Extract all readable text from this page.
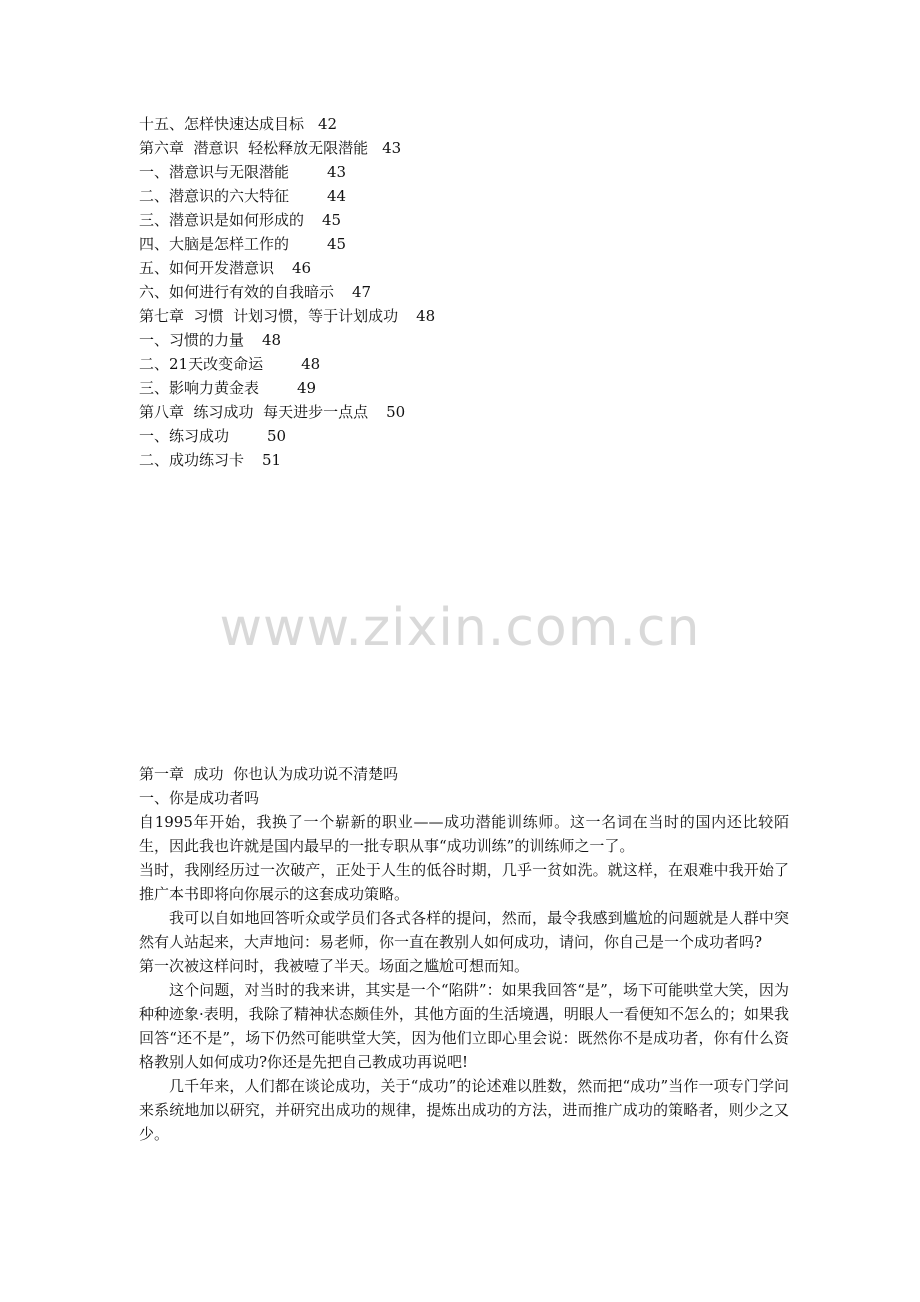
十五、怎样快速达成目标 42
第六章  潜意识  轻松释放无限潜能 43
一、潜意识与无限潜能	43
二、潜意识的六大特征	44
三、潜意识是如何形成的 45
四、大脑是怎样工作的	45
五、如何开发潜意识 46
六、如何进行有效的自我暗示 47
第七章  习惯  计划习惯，等于计划成功 48
一、习惯的力量 48
二、21天改变命运	48
三、影响力黄金表	49
第八章  练习成功  每天进步一点点 50
一、练习成功	50
二、成功练习卡 51
www.zixin.com.cn
第一章  成功  你也认为成功说不清楚吗
一、你是成功者吗

自1995年开始，我换了一个崭新的职业——成功潜能训练师。这一名词在当时的国内还比较陌生，因此我也许就是国内最早的一批专职从事“成功训练”的训练师之一了。

当时，我刚经历过一次破产，正处于人生的低谷时期，几乎一贫如洗。就这样，在艰难中我开始了推广本书即将向你展示的这套成功策略。

我可以自如地回答听众或学员们各式各样的提问，然而，最令我感到尴尬的问题就是人群中突然有人站起来，大声地问：易老师，你一直在教别人如何成功，请问，你自己是一个成功者吗?

第一次被这样问时，我被噎了半天。场面之尴尬可想而知。

这个问题，对当时的我来讲，其实是一个“陷阱”：如果我回答“是”，场下可能哄堂大笑，因为种种迹象·表明，我除了精神状态颇佳外，其他方面的生活境遇，明眼人一看便知不怎么的；如果我回答“还不是”，场下仍然可能哄堂大笑，因为他们立即心里会说：既然你不是成功者，你有什么资格教别人如何成功?你还是先把自己教成功再说吧!

几千年来，人们都在谈论成功，关于“成功”的论述难以胜数，然而把“成功”当作一项专门学问来系统地加以研究，并研究出成功的规律，提炼出成功的方法，进而推广成功的策略者，则少之又少。
